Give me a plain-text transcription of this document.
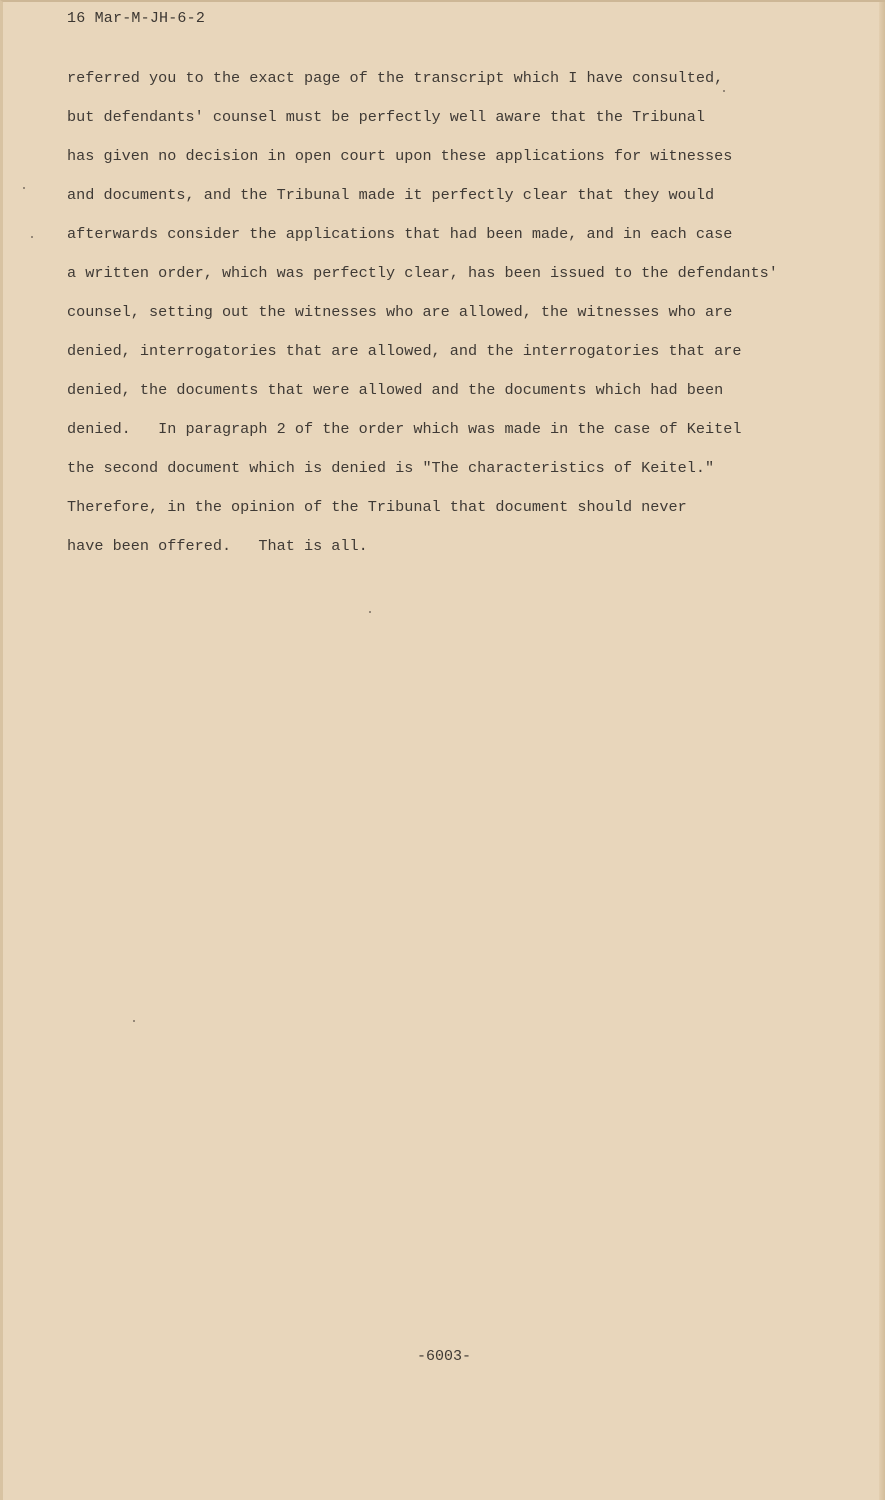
16 Mar-M-JH-6-2
referred you to the exact page of the transcript which I have consulted,
but defendants' counsel must be perfectly well aware that the Tribunal
has given no decision in open court upon these applications for witnesses
and documents, and the Tribunal made it perfectly clear that they would
afterwards consider the applications that had been made, and in each case
a written order, which was perfectly clear, has been issued to the defendants'
counsel, setting out the witnesses who are allowed, the witnesses who are
denied, interrogatories that are allowed, and the interrogatories that are
denied, the documents that were allowed and the documents which had been
denied.   In paragraph 2 of the order which was made in the case of Keitel
the second document which is denied is "The characteristics of Keitel."
Therefore, in the opinion of the Tribunal that document should never
have been offered.   That is all.
-6003-
